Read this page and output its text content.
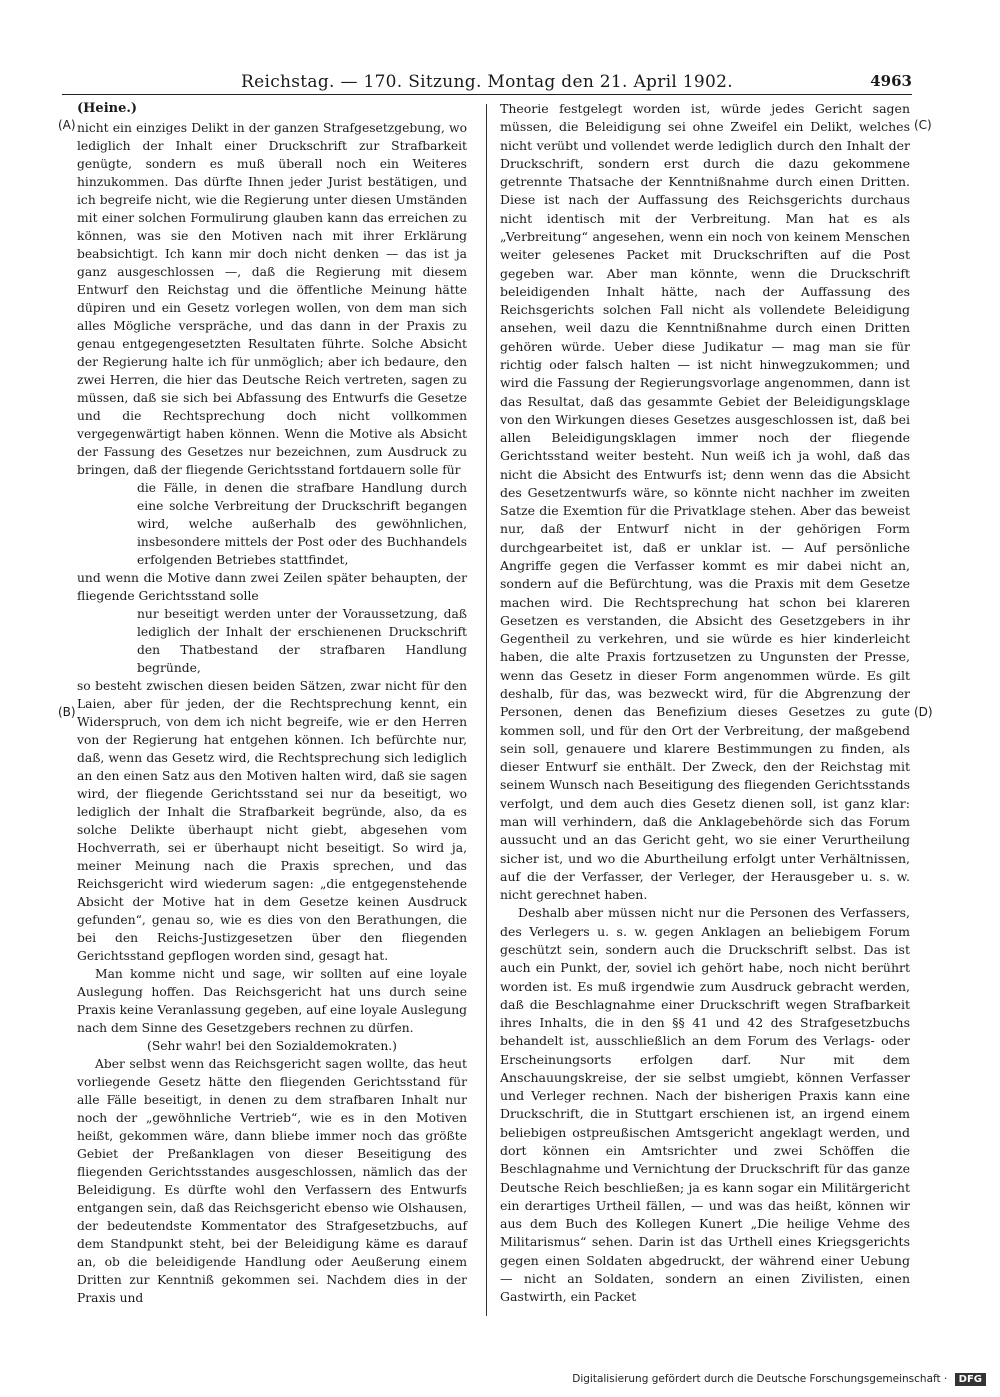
Reichstag. — 170. Sitzung. Montag den 21. April 1902.	4963
(A)
(B)
(C)
(D)
(Heine.)

nicht ein einziges Delikt in der ganzen Strafgesetzgebung, wo lediglich der Inhalt einer Druckschrift zur Strafbarkeit genügte, sondern es muß überall noch ein Weiteres hinzukommen. Das dürfte Ihnen jeder Jurist bestätigen, und ich begreife nicht, wie die Regierung unter diesen Umständen mit einer solchen Formulirung glauben kann das erreichen zu können, was sie den Motiven nach mit ihrer Erklärung beabsichtigt. Ich kann mir doch nicht denken — das ist ja ganz ausgeschlossen —, daß die Regierung mit diesem Entwurf den Reichstag und die öffentliche Meinung hätte düpiren und ein Gesetz vorlegen wollen, von dem man sich alles Mögliche verspräche, und das dann in der Praxis zu genau entgegengesetzten Resultaten führte. Solche Absicht der Regierung halte ich für unmöglich; aber ich bedaure, den zwei Herren, die hier das Deutsche Reich vertreten, sagen zu müssen, daß sie sich bei Abfassung des Entwurfs die Gesetze und die Rechtsprechung doch nicht vollkommen vergegenwärtigt haben können. Wenn die Motive als Absicht der Fassung des Gesetzes nur bezeichnen, zum Ausdruck zu bringen, daß der fliegende Gerichtsstand fortdauern solle für

die Fälle, in denen die strafbare Handlung durch eine solche Verbreitung der Druckschrift begangen wird, welche außerhalb des gewöhnlichen, insbesondere mittels der Post oder des Buchhandels erfolgenden Betriebes stattfindet,

und wenn die Motive dann zwei Zeilen später behaupten, der fliegende Gerichtsstand solle

nur beseitigt werden unter der Voraussetzung, daß lediglich der Inhalt der erschienenen Druckschrift den Thatbestand der strafbaren Handlung begründe,

so besteht zwischen diesen beiden Sätzen, zwar nicht für den Laien, aber für jeden, der die Rechtsprechung kennt, ein Widerspruch, von dem ich nicht begreife, wie er den Herren von der Regierung hat entgehen können. Ich befürchte nur, daß, wenn das Gesetz wird, die Rechtsprechung sich lediglich an den einen Satz aus den Motiven halten wird, daß sie sagen wird, der fliegende Gerichtsstand sei nur da beseitigt, wo lediglich der Inhalt die Strafbarkeit begründe, also, da es solche Delikte überhaupt nicht giebt, abgesehen vom Hochverrath, sei er überhaupt nicht beseitigt. So wird ja, meiner Meinung nach die Praxis sprechen, und das Reichsgericht wird wiederum sagen: „die entgegenstehende Absicht der Motive hat in dem Gesetze keinen Ausdruck gefunden“, genau so, wie es dies von den Berathungen, die bei den Reichs-Justizgesetzen über den fliegenden Gerichtsstand gepflogen worden sind, gesagt hat.

Man komme nicht und sage, wir sollten auf eine loyale Auslegung hoffen. Das Reichsgericht hat uns durch seine Praxis keine Veranlassung gegeben, auf eine loyale Auslegung nach dem Sinne des Gesetzgebers rechnen zu dürfen.

(Sehr wahr! bei den Sozialdemokraten.)

Aber selbst wenn das Reichsgericht sagen wollte, das heut vorliegende Gesetz hätte den fliegenden Gerichtsstand für alle Fälle beseitigt, in denen zu dem strafbaren Inhalt nur noch der „gewöhnliche Vertrieb“, wie es in den Motiven heißt, gekommen wäre, dann bliebe immer noch das größte Gebiet der Preßanklagen von dieser Beseitigung des fliegenden Gerichtsstandes ausgeschlossen, nämlich das der Beleidigung. Es dürfte wohl den Verfassern des Entwurfs entgangen sein, daß das Reichsgericht ebenso wie Olshausen, der bedeutendste Kommentator des Strafgesetzbuchs, auf dem Standpunkt steht, bei der Beleidigung käme es darauf an, ob die beleidigende Handlung oder Aeußerung einem Dritten zur Kenntniß gekommen sei. Nachdem dies in der Praxis und

Theorie festgelegt worden ist, würde jedes Gericht sagen müssen, die Beleidigung sei ohne Zweifel ein Delikt, welches nicht verübt und vollendet werde lediglich durch den Inhalt der Druckschrift, sondern erst durch die dazu gekommene getrennte Thatsache der Kenntnißnahme durch einen Dritten. Diese ist nach der Auffassung des Reichsgerichts durchaus nicht identisch mit der Verbreitung. Man hat es als „Verbreitung“ angesehen, wenn ein noch von keinem Menschen weiter gelesenes Packet mit Druckschriften auf die Post gegeben war. Aber man könnte, wenn die Druckschrift beleidigenden Inhalt hätte, nach der Auffassung des Reichsgerichts solchen Fall nicht als vollendete Beleidigung ansehen, weil dazu die Kenntnißnahme durch einen Dritten gehören würde. Ueber diese Judikatur — mag man sie für richtig oder falsch halten — ist nicht hinwegzukommen; und wird die Fassung der Regierungsvorlage angenommen, dann ist das Resultat, daß das gesammte Gebiet der Beleidigungsklage von den Wirkungen dieses Gesetzes ausgeschlossen ist, daß bei allen Beleidigungsklagen immer noch der fliegende Gerichtsstand weiter besteht. Nun weiß ich ja wohl, daß das nicht die Absicht des Entwurfs ist; denn wenn das die Absicht des Gesetzentwurfs wäre, so könnte nicht nachher im zweiten Satze die Exemtion für die Privatklage stehen. Aber das beweist nur, daß der Entwurf nicht in der gehörigen Form durchgearbeitet ist, daß er unklar ist. — Auf persönliche Angriffe gegen die Verfasser kommt es mir dabei nicht an, sondern auf die Befürchtung, was die Praxis mit dem Gesetze machen wird. Die Rechtsprechung hat schon bei klareren Gesetzen es verstanden, die Absicht des Gesetzgebers in ihr Gegentheil zu verkehren, und sie würde es hier kinderleicht haben, die alte Praxis fortzusetzen zu Ungunsten der Presse, wenn das Gesetz in dieser Form angenommen würde. Es gilt deshalb, für das, was bezweckt wird, für die Abgrenzung der Personen, denen das Benefizium dieses Gesetzes zu gute kommen soll, und für den Ort der Verbreitung, der maßgebend sein soll, genauere und klarere Bestimmungen zu finden, als dieser Entwurf sie enthält. Der Zweck, den der Reichstag mit seinem Wunsch nach Beseitigung des fliegenden Gerichtsstands verfolgt, und dem auch dies Gesetz dienen soll, ist ganz klar: man will verhindern, daß die Anklagebehörde sich das Forum aussucht und an das Gericht geht, wo sie einer Verurtheilung sicher ist, und wo die Aburtheilung erfolgt unter Verhältnissen, auf die der Verfasser, der Verleger, der Herausgeber u. s. w. nicht gerechnet haben.

Deshalb aber müssen nicht nur die Personen des Verfassers, des Verlegers u. s. w. gegen Anklagen an beliebigem Forum geschützt sein, sondern auch die Druckschrift selbst. Das ist auch ein Punkt, der, soviel ich gehört habe, noch nicht berührt worden ist. Es muß irgendwie zum Ausdruck gebracht werden, daß die Beschlagnahme einer Druckschrift wegen Strafbarkeit ihres Inhalts, die in den §§ 41 und 42 des Strafgesetzbuchs behandelt ist, ausschließlich an dem Forum des Verlags- oder Erscheinungsorts erfolgen darf. Nur mit dem Anschauungskreise, der sie selbst umgiebt, können Verfasser und Verleger rechnen. Nach der bisherigen Praxis kann eine Druckschrift, die in Stuttgart erschienen ist, an irgend einem beliebigen ostpreußischen Amtsgericht angeklagt werden, und dort können ein Amtsrichter und zwei Schöffen die Beschlagnahme und Vernichtung der Druckschrift für das ganze Deutsche Reich beschließen; ja es kann sogar ein Militärgericht ein derartiges Urtheil fällen, — und was das heißt, können wir aus dem Buch des Kollegen Kunert „Die heilige Vehme des Militarismus“ sehen. Darin ist das Urthell eines Kriegsgerichts gegen einen Soldaten abgedruckt, der während einer Uebung — nicht an Soldaten, sondern an einen Zivilisten, einen Gastwirth, ein Packet

Digitalisierung gefördert durch die Deutsche Forschungsgemeinschaft · DFG
